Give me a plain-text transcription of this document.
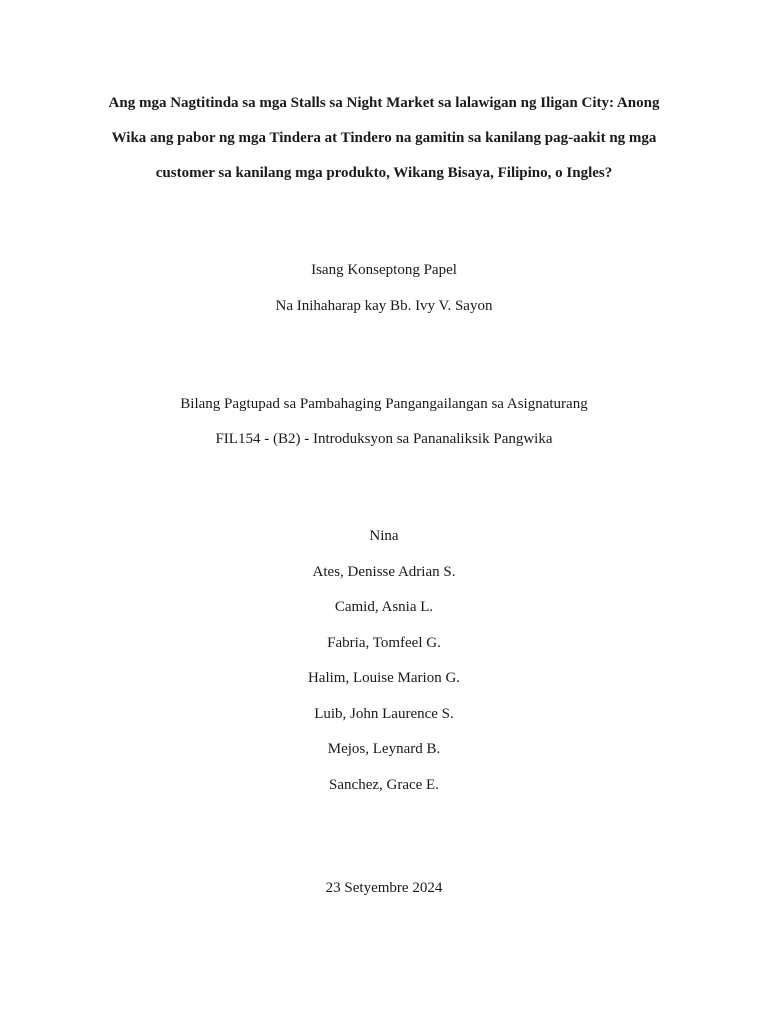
Ang mga Nagtitinda sa mga Stalls sa Night Market sa lalawigan ng Iligan City: Anong
Wika ang pabor ng mga Tindera at Tindero na gamitin sa kanilang pag-aakit ng mga
customer sa kanilang mga produkto, Wikang Bisaya, Filipino, o Ingles?
Isang Konseptong Papel
Na Inihaharap kay Bb. Ivy V. Sayon
Bilang Pagtupad sa Pambahaging Pangangailangan sa Asignaturang
FIL154 - (B2) - Introduksyon sa Pananaliksik Pangwika
Nina
Ates, Denisse Adrian S.
Camid, Asnia L.
Fabria, Tomfeel G.
Halim, Louise Marion G.
Luib, John Laurence S.
Mejos, Leynard B.
Sanchez, Grace E.
23 Setyembre 2024
